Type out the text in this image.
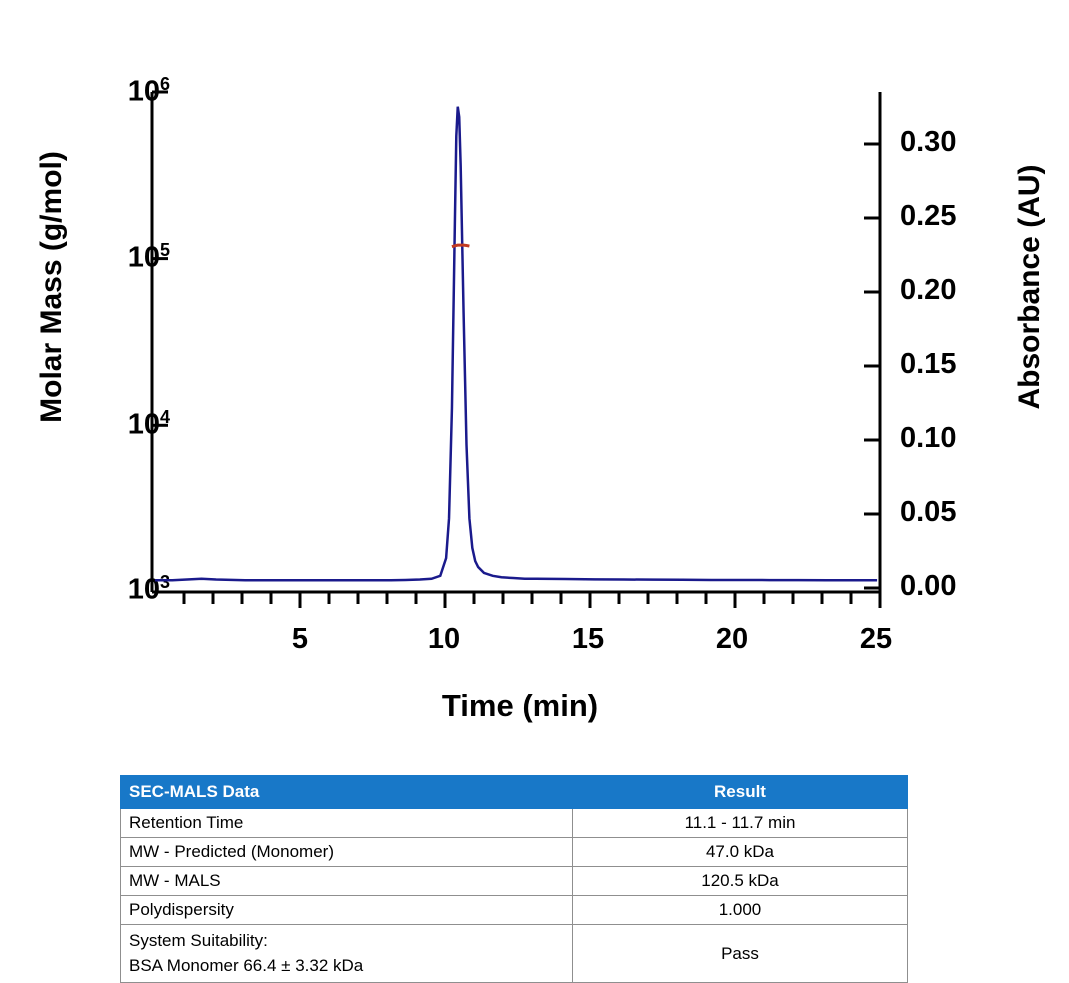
Molar Mass (g/mol)	Absorbance (AU)
Time (min)
$10^3$
$10^4$
$10^5$
$10^6$
0.00
0.05
0.10
0.15
0.20
0.25
0.30
5	10	15	20	25
SEC-MALS Data	Result
Retention Time	11.1 - 11.7 min
MW - Predicted (Monomer)	47.0 kDa
MW - MALS	120.5 kDa
Polydispersity	1.000

System Suitability:
BSA Monomer 66.4 ± 3.32 kDa	Pass
